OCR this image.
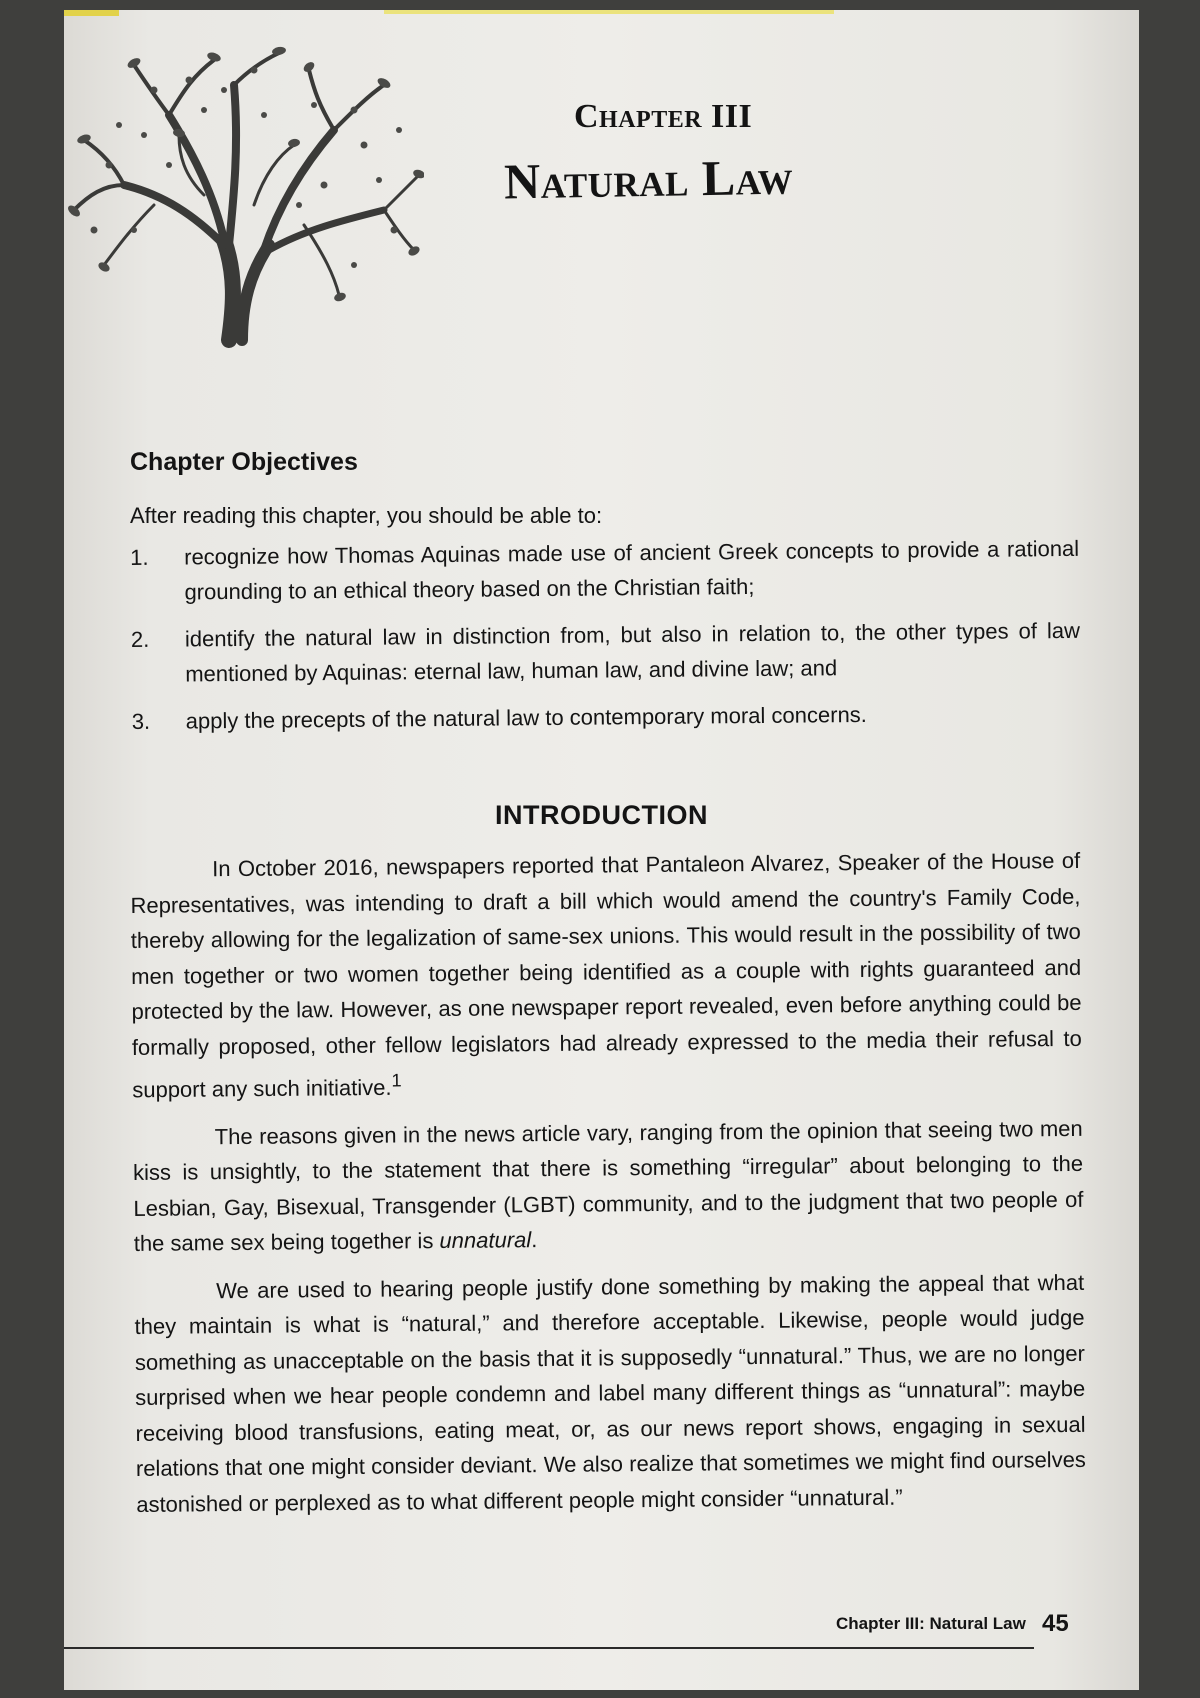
Chapter III
Natural Law
Chapter Objectives
After reading this chapter, you should be able to:
1. recognize how Thomas Aquinas made use of ancient Greek concepts to provide a rational grounding to an ethical theory based on the Christian faith;
2. identify the natural law in distinction from, but also in relation to, the other types of law mentioned by Aquinas: eternal law, human law, and divine law; and
3. apply the precepts of the natural law to contemporary moral concerns.
INTRODUCTION

In October 2016, newspapers reported that Pantaleon Alvarez, Speaker of the House of Representatives, was intending to draft a bill which would amend the country's Family Code, thereby allowing for the legalization of same-sex unions. This would result in the possibility of two men together or two women together being identified as a couple with rights guaranteed and protected by the law. However, as one newspaper report revealed, even before anything could be formally proposed, other fellow legislators had already expressed to the media their refusal to support any such initiative.$^1$

The reasons given in the news article vary, ranging from the opinion that seeing two men kiss is unsightly, to the statement that there is something “irregular” about belonging to the Lesbian, Gay, Bisexual, Transgender (LGBT) community, and to the judgment that two people of the same sex being together is unnatural.

We are used to hearing people justify done something by making the appeal that what they maintain is what is “natural,” and therefore acceptable. Likewise, people would judge something as unacceptable on the basis that it is supposedly “unnatural.” Thus, we are no longer surprised when we hear people condemn and label many different things as “unnatural”: maybe receiving blood transfusions, eating meat, or, as our news report shows, engaging in sexual relations that one might consider deviant. We also realize that sometimes we might find ourselves astonished or perplexed as to what different people might consider “unnatural.”

Chapter III: Natural Law 45
